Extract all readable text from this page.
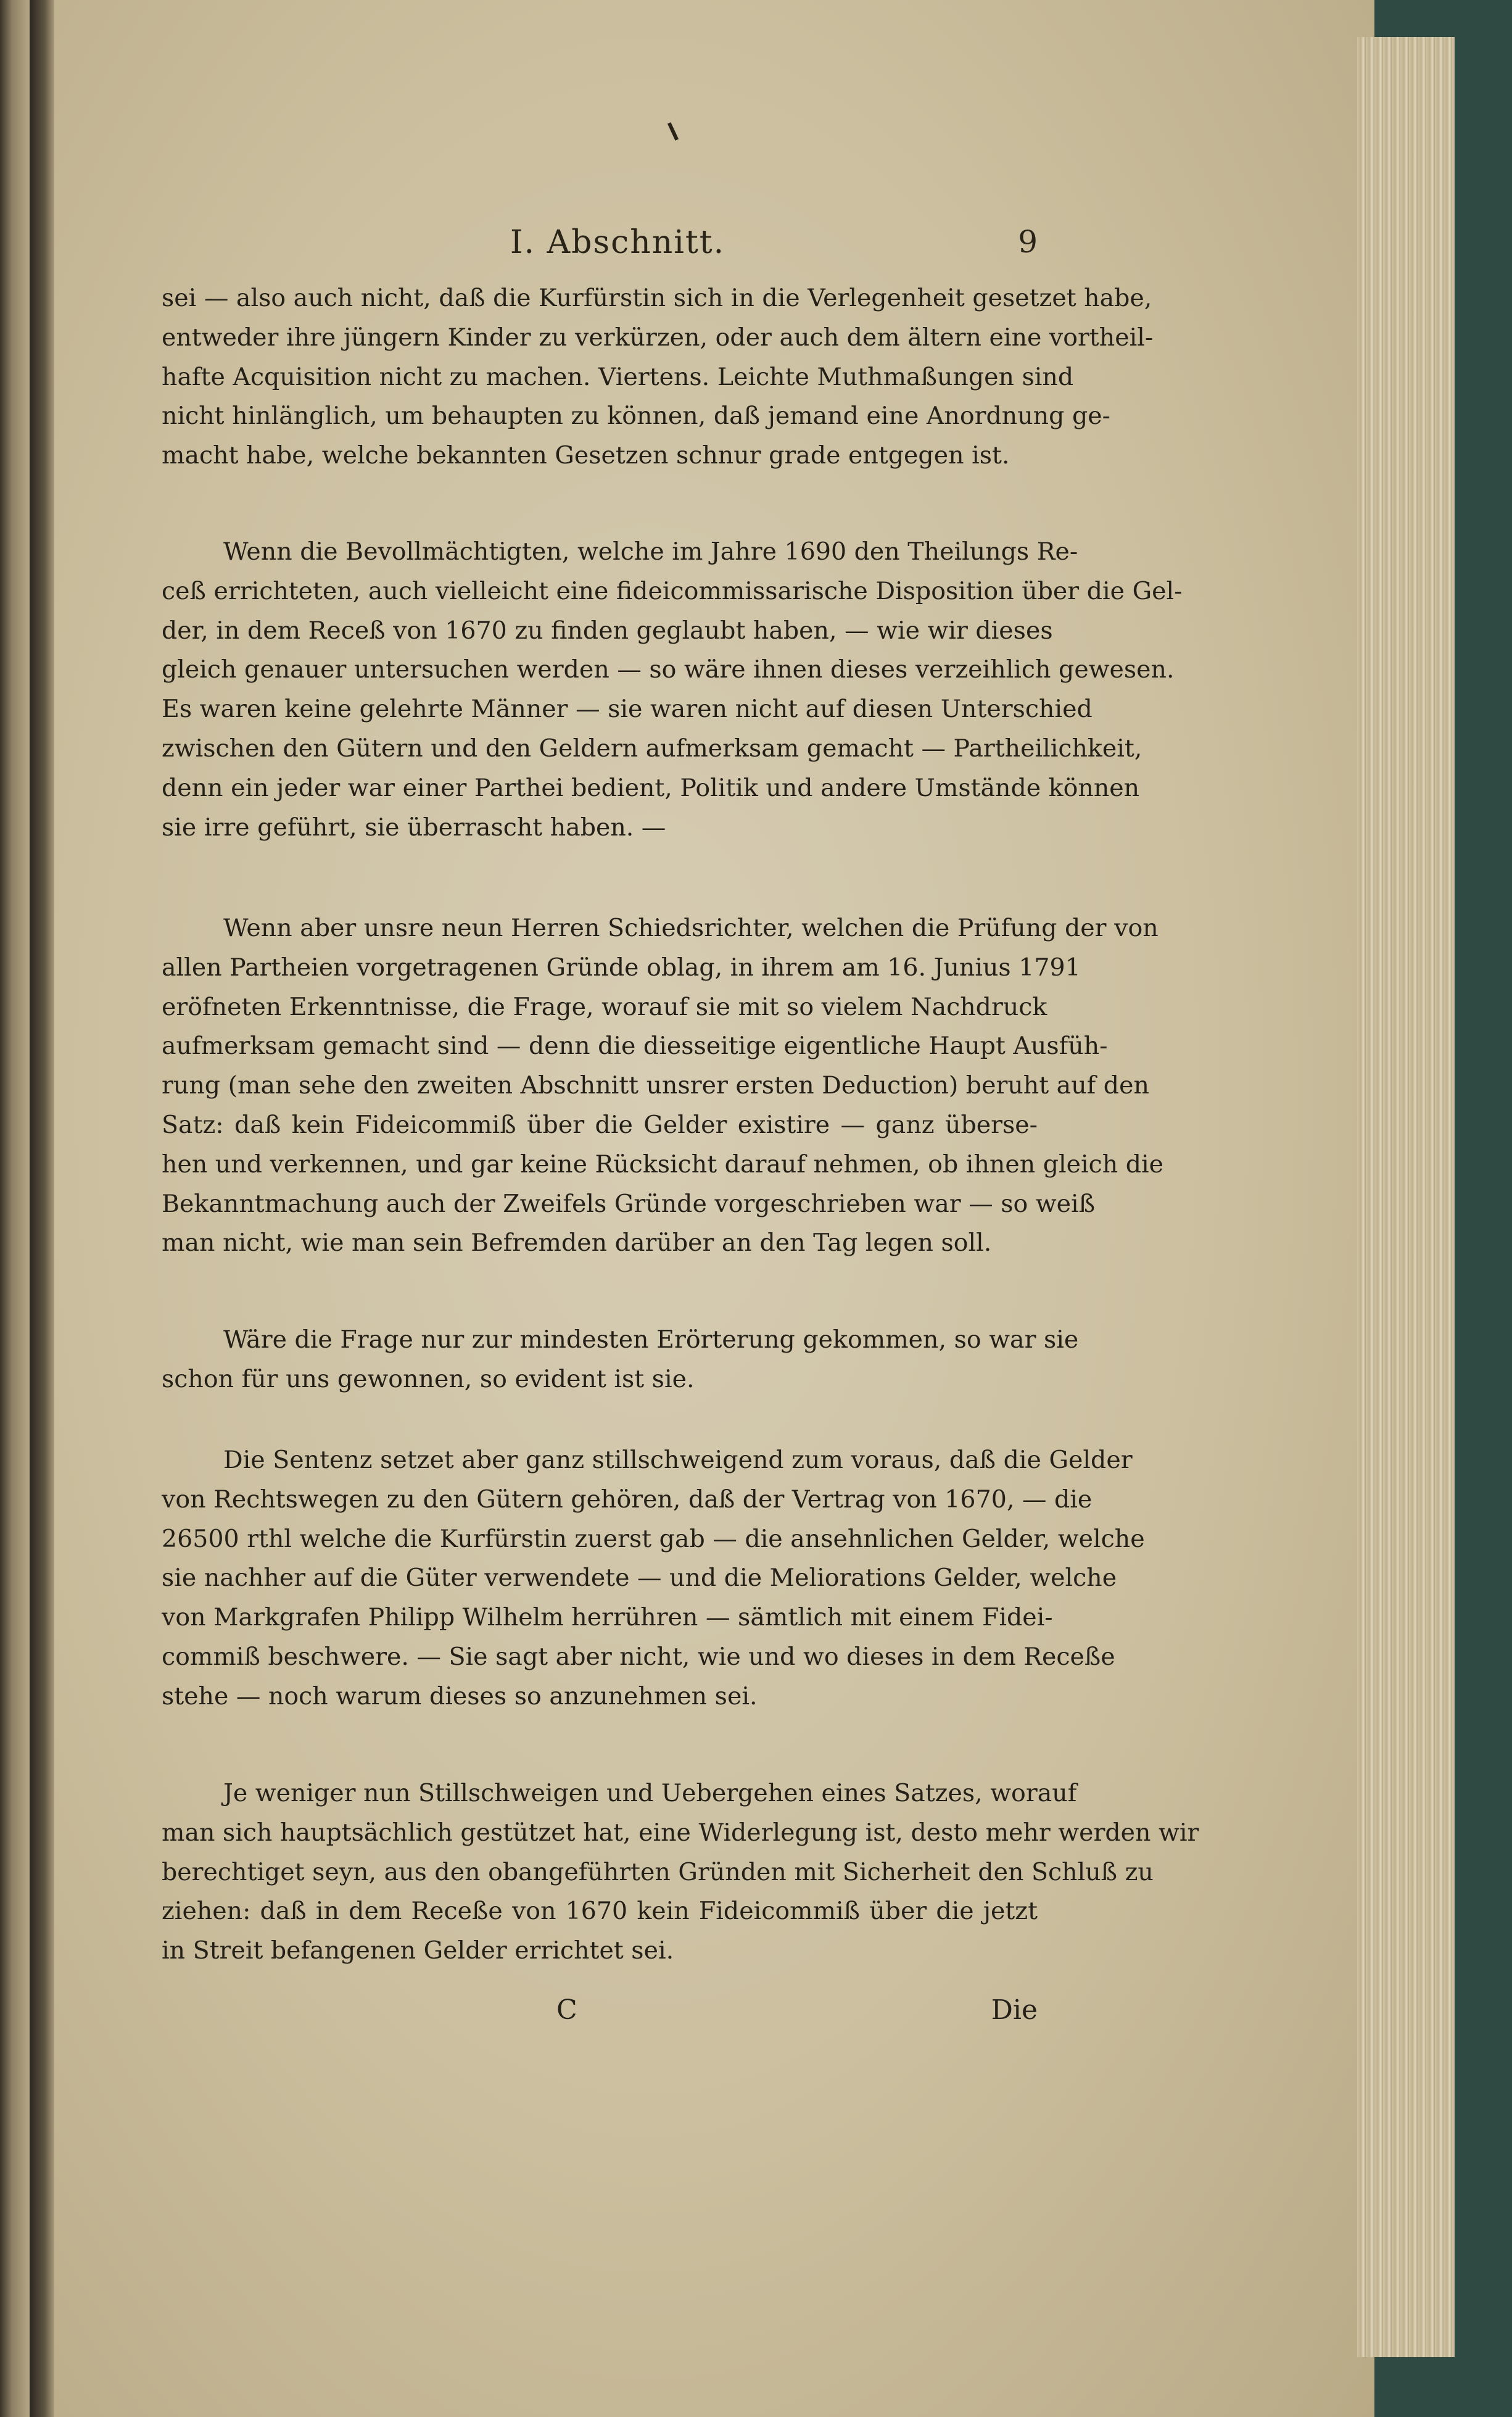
I. Abschnitt.	9
sei — also auch nicht, daß die Kurfürstin sich in die Verlegenheit gesetzet habe,
entweder ihre jüngern Kinder zu verkürzen, oder auch dem ältern eine vortheil-
hafte Acquisition nicht zu machen. Viertens. Leichte Muthmaßungen sind
nicht hinlänglich, um behaupten zu können, daß jemand eine Anordnung ge-
macht habe, welche bekannten Gesetzen schnur grade entgegen ist.
Wenn die Bevollmächtigten, welche im Jahre 1690 den Theilungs Re-
ceß errichteten, auch vielleicht eine fideicommissarische Disposition über die Gel-
der, in dem Receß von 1670 zu finden geglaubt haben, — wie wir dieses
gleich genauer untersuchen werden — so wäre ihnen dieses verzeihlich gewesen.
Es waren keine gelehrte Männer — sie waren nicht auf diesen Unterschied
zwischen den Gütern und den Geldern aufmerksam gemacht — Partheilichkeit,
denn ein jeder war einer Parthei bedient, Politik und andere Umstände können
sie irre geführt, sie überrascht haben. —
Wenn aber unsre neun Herren Schiedsrichter, welchen die Prüfung der von
allen Partheien vorgetragenen Gründe oblag, in ihrem am 16. Junius 1791
eröfneten Erkenntnisse, die Frage, worauf sie mit so vielem Nachdruck
aufmerksam gemacht sind — denn die diesseitige eigentliche Haupt Ausfüh-
rung (man sehe den zweiten Abschnitt unsrer ersten Deduction) beruht auf den
Satz: daß kein Fideicommiß über die Gelder existire — ganz überse-
hen und verkennen, und gar keine Rücksicht darauf nehmen, ob ihnen gleich die
Bekanntmachung auch der Zweifels Gründe vorgeschrieben war — so weiß
man nicht, wie man sein Befremden darüber an den Tag legen soll.
Wäre die Frage nur zur mindesten Erörterung gekommen, so war sie
schon für uns gewonnen, so evident ist sie.
Die Sentenz setzet aber ganz stillschweigend zum voraus, daß die Gelder
von Rechtswegen zu den Gütern gehören, daß der Vertrag von 1670, — die
26500 rthl welche die Kurfürstin zuerst gab — die ansehnlichen Gelder, welche
sie nachher auf die Güter verwendete — und die Meliorations Gelder, welche
von Markgrafen Philipp Wilhelm herrühren — sämtlich mit einem Fidei-
commiß beschwere. — Sie sagt aber nicht, wie und wo dieses in dem Receße
stehe — noch warum dieses so anzunehmen sei.
Je weniger nun Stillschweigen und Uebergehen eines Satzes, worauf
man sich hauptsächlich gestützet hat, eine Widerlegung ist, desto mehr werden wir
berechtiget seyn, aus den obangeführten Gründen mit Sicherheit den Schluß zu
ziehen: daß in dem Receße von 1670 kein Fideicommiß über die jetzt
in Streit befangenen Gelder errichtet sei.
C	Die
